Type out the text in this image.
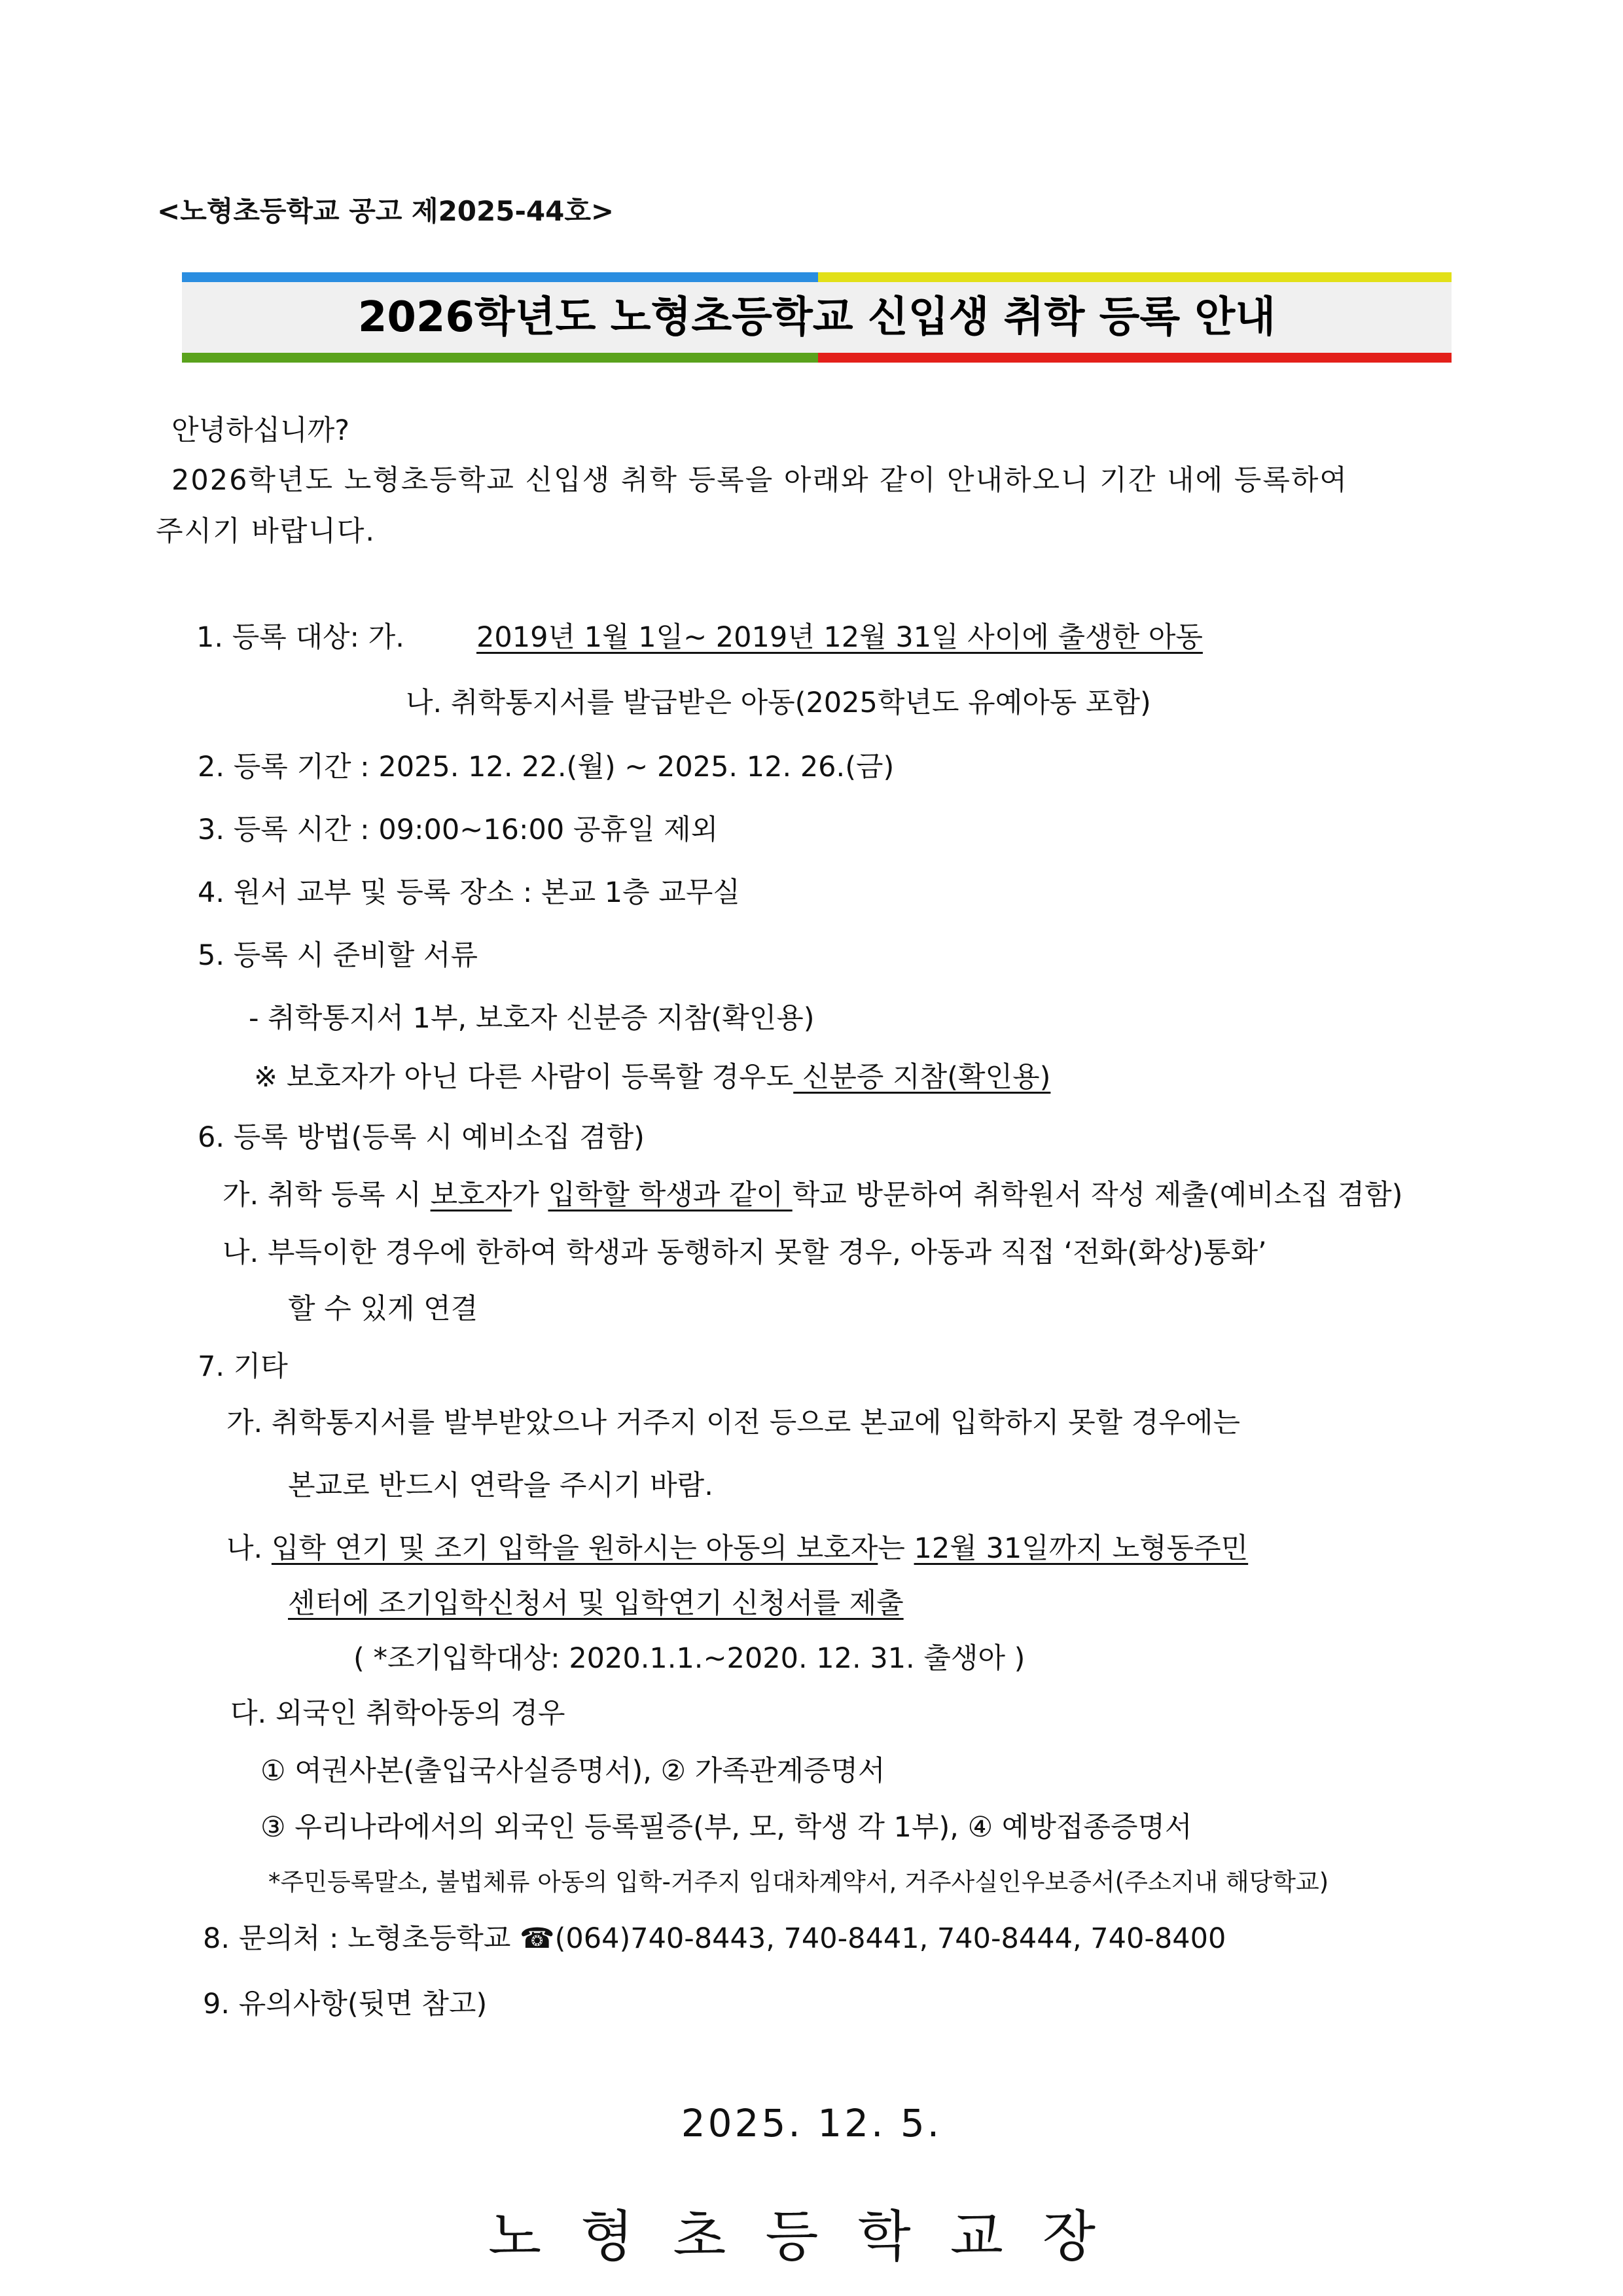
<노형초등학교 공고 제2025-44호>
2026학년도 노형초등학교 신입생 취학 등록 안내
안녕하십니까?
2026학년도 노형초등학교 신입생 취학 등록을 아래와 같이 안내하오니 기간 내에 등록하여
주시기 바랍니다.
1. 등록 대상: 가.	2019년 1월 1일~ 2019년 12월 31일 사이에 출생한 아동
나. 취학통지서를 발급받은 아동(2025학년도 유예아동 포함)
2. 등록 기간 : 2025. 12. 22.(월) ~ 2025. 12. 26.(금)
3. 등록 시간 : 09:00~16:00 공휴일 제외
4. 원서 교부 및 등록 장소 : 본교 1층 교무실
5. 등록 시 준비할 서류
- 취학통지서 1부, 보호자 신분증 지참(확인용)
※ 보호자가 아닌 다른 사람이 등록할 경우도 신분증 지참(확인용)
6. 등록 방법(등록 시 예비소집 겸함)
가. 취학 등록 시 보호자가 입학할 학생과 같이 학교 방문하여 취학원서 작성 제출(예비소집 겸함)
나. 부득이한 경우에 한하여 학생과 동행하지 못할 경우, 아동과 직접 ‘전화(화상)통화’
할 수 있게 연결
7. 기타
가. 취학통지서를 발부받았으나 거주지 이전 등으로 본교에 입학하지 못할 경우에는
본교로 반드시 연락을 주시기 바람.
나. 입학 연기 및 조기 입학을 원하시는 아동의 보호자는 12월 31일까지 노형동주민
센터에 조기입학신청서 및 입학연기 신청서를 제출
( *조기입학대상: 2020.1.1.~2020. 12. 31. 출생아 )
다. 외국인 취학아동의 경우
① 여권사본(출입국사실증명서), ② 가족관계증명서
③ 우리나라에서의 외국인 등록필증(부, 모, 학생 각 1부), ④ 예방접종증명서
*주민등록말소, 불법체류 아동의 입학-거주지 임대차계약서, 거주사실인우보증서(주소지내 해당학교)
8. 문의처 : 노형초등학교 ☎(064)740-8443, 740-8441, 740-8444, 740-8400
9. 유의사항(뒷면 참고)
2025. 12. 5.
노형초등학교장
